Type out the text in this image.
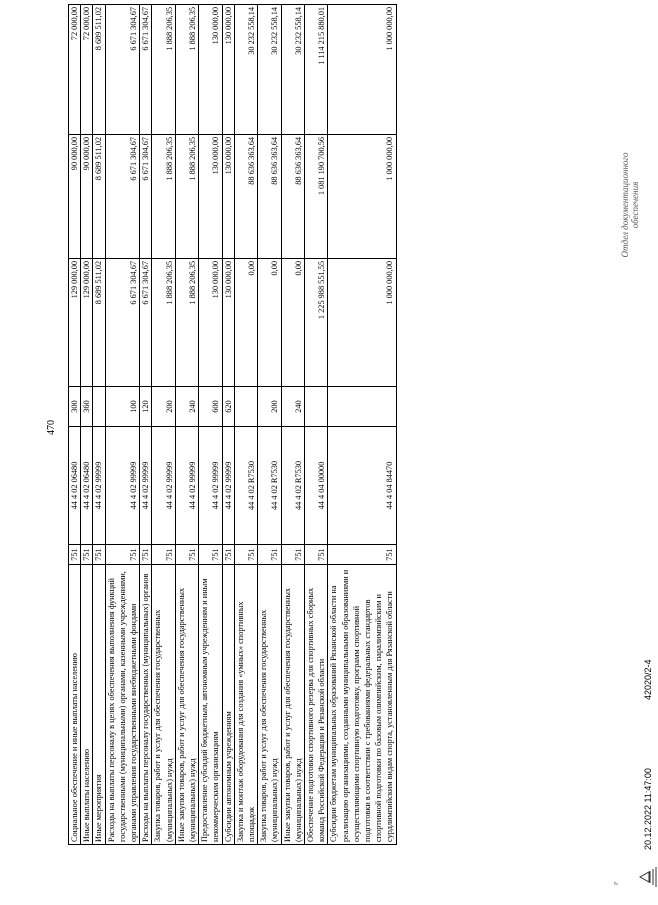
470
Социальное обеспечение и иные выплаты населению	751	44 4 02 06480	300	129 000,00	90 000,00	72 000,00
Иные выплаты населению	751	44 4 02 06480	360	129 000,00	90 000,00	72 000,00
Иные мероприятия	751	44 4 02 99999		8 689 511,02	8 689 511,02	8 689 511,02
Расходы на выплаты персоналу в целях обеспечения выполнения функций государственными (муниципальными) органами, казенными учреждениями, органами управления государственными внебюджетными фондами	751	44 4 02 99999	100	6 671 304,67	6 671 304,67	6 671 304,67
Расходы на выплаты персоналу государственных (муниципальных) органов	751	44 4 02 99999	120	6 671 304,67	6 671 304,67	6 671 304,67
Закупка товаров, работ и услуг для обеспечения государственных (муниципальных) нужд	751	44 4 02 99999	200	1 888 206,35	1 888 206,35	1 888 206,35
Иные закупки товаров, работ и услуг для обеспечения государственных (муниципальных) нужд	751	44 4 02 99999	240	1 888 206,35	1 888 206,35	1 888 206,35
Предоставление субсидий бюджетным, автономным учреждениям и иным некоммерческим организациям	751	44 4 02 99999	600	130 000,00	130 000,00	130 000,00
Субсидии автономным учреждениям	751	44 4 02 99999	620	130 000,00	130 000,00	130 000,00
Закупка и монтаж оборудования для создания «умных» спортивных площадок	751	44 4 02 R7530		0,00	88 636 363,64	30 232 558,14
Закупка товаров, работ и услуг для обеспечения государственных (муниципальных) нужд	751	44 4 02 R7530	200	0,00	88 636 363,64	30 232 558,14
Иные закупки товаров, работ и услуг для обеспечения государственных (муниципальных) нужд	751	44 4 02 R7530	240	0,00	88 636 363,64	30 232 558,14
Обеспечение подготовки спортивного резерва для спортивных сборных команд Российской Федерации и Рязанской области	751	44 4 04 00000		1 225 988 551,55	1 081 190 700,56	1 114 215 880,01
Субсидии бюджетам муниципальных образований Рязанской области на реализацию организациями, созданными муниципальными образованиями и осуществляющими спортивную подготовку, программ спортивной подготовки в соответствии с требованиями федеральных стандартов спортивной подготовки по базовым олимпийским, паралимпийским и сурдлимпийским видам спорта, установленным для Рязанской области	751	44 4 04 84470		1 000 000,00	1 000 000,00	1 000 000,00
Отдел документационного обеспечения
Р
20.12.2022 11:47:00
42020/2-4
